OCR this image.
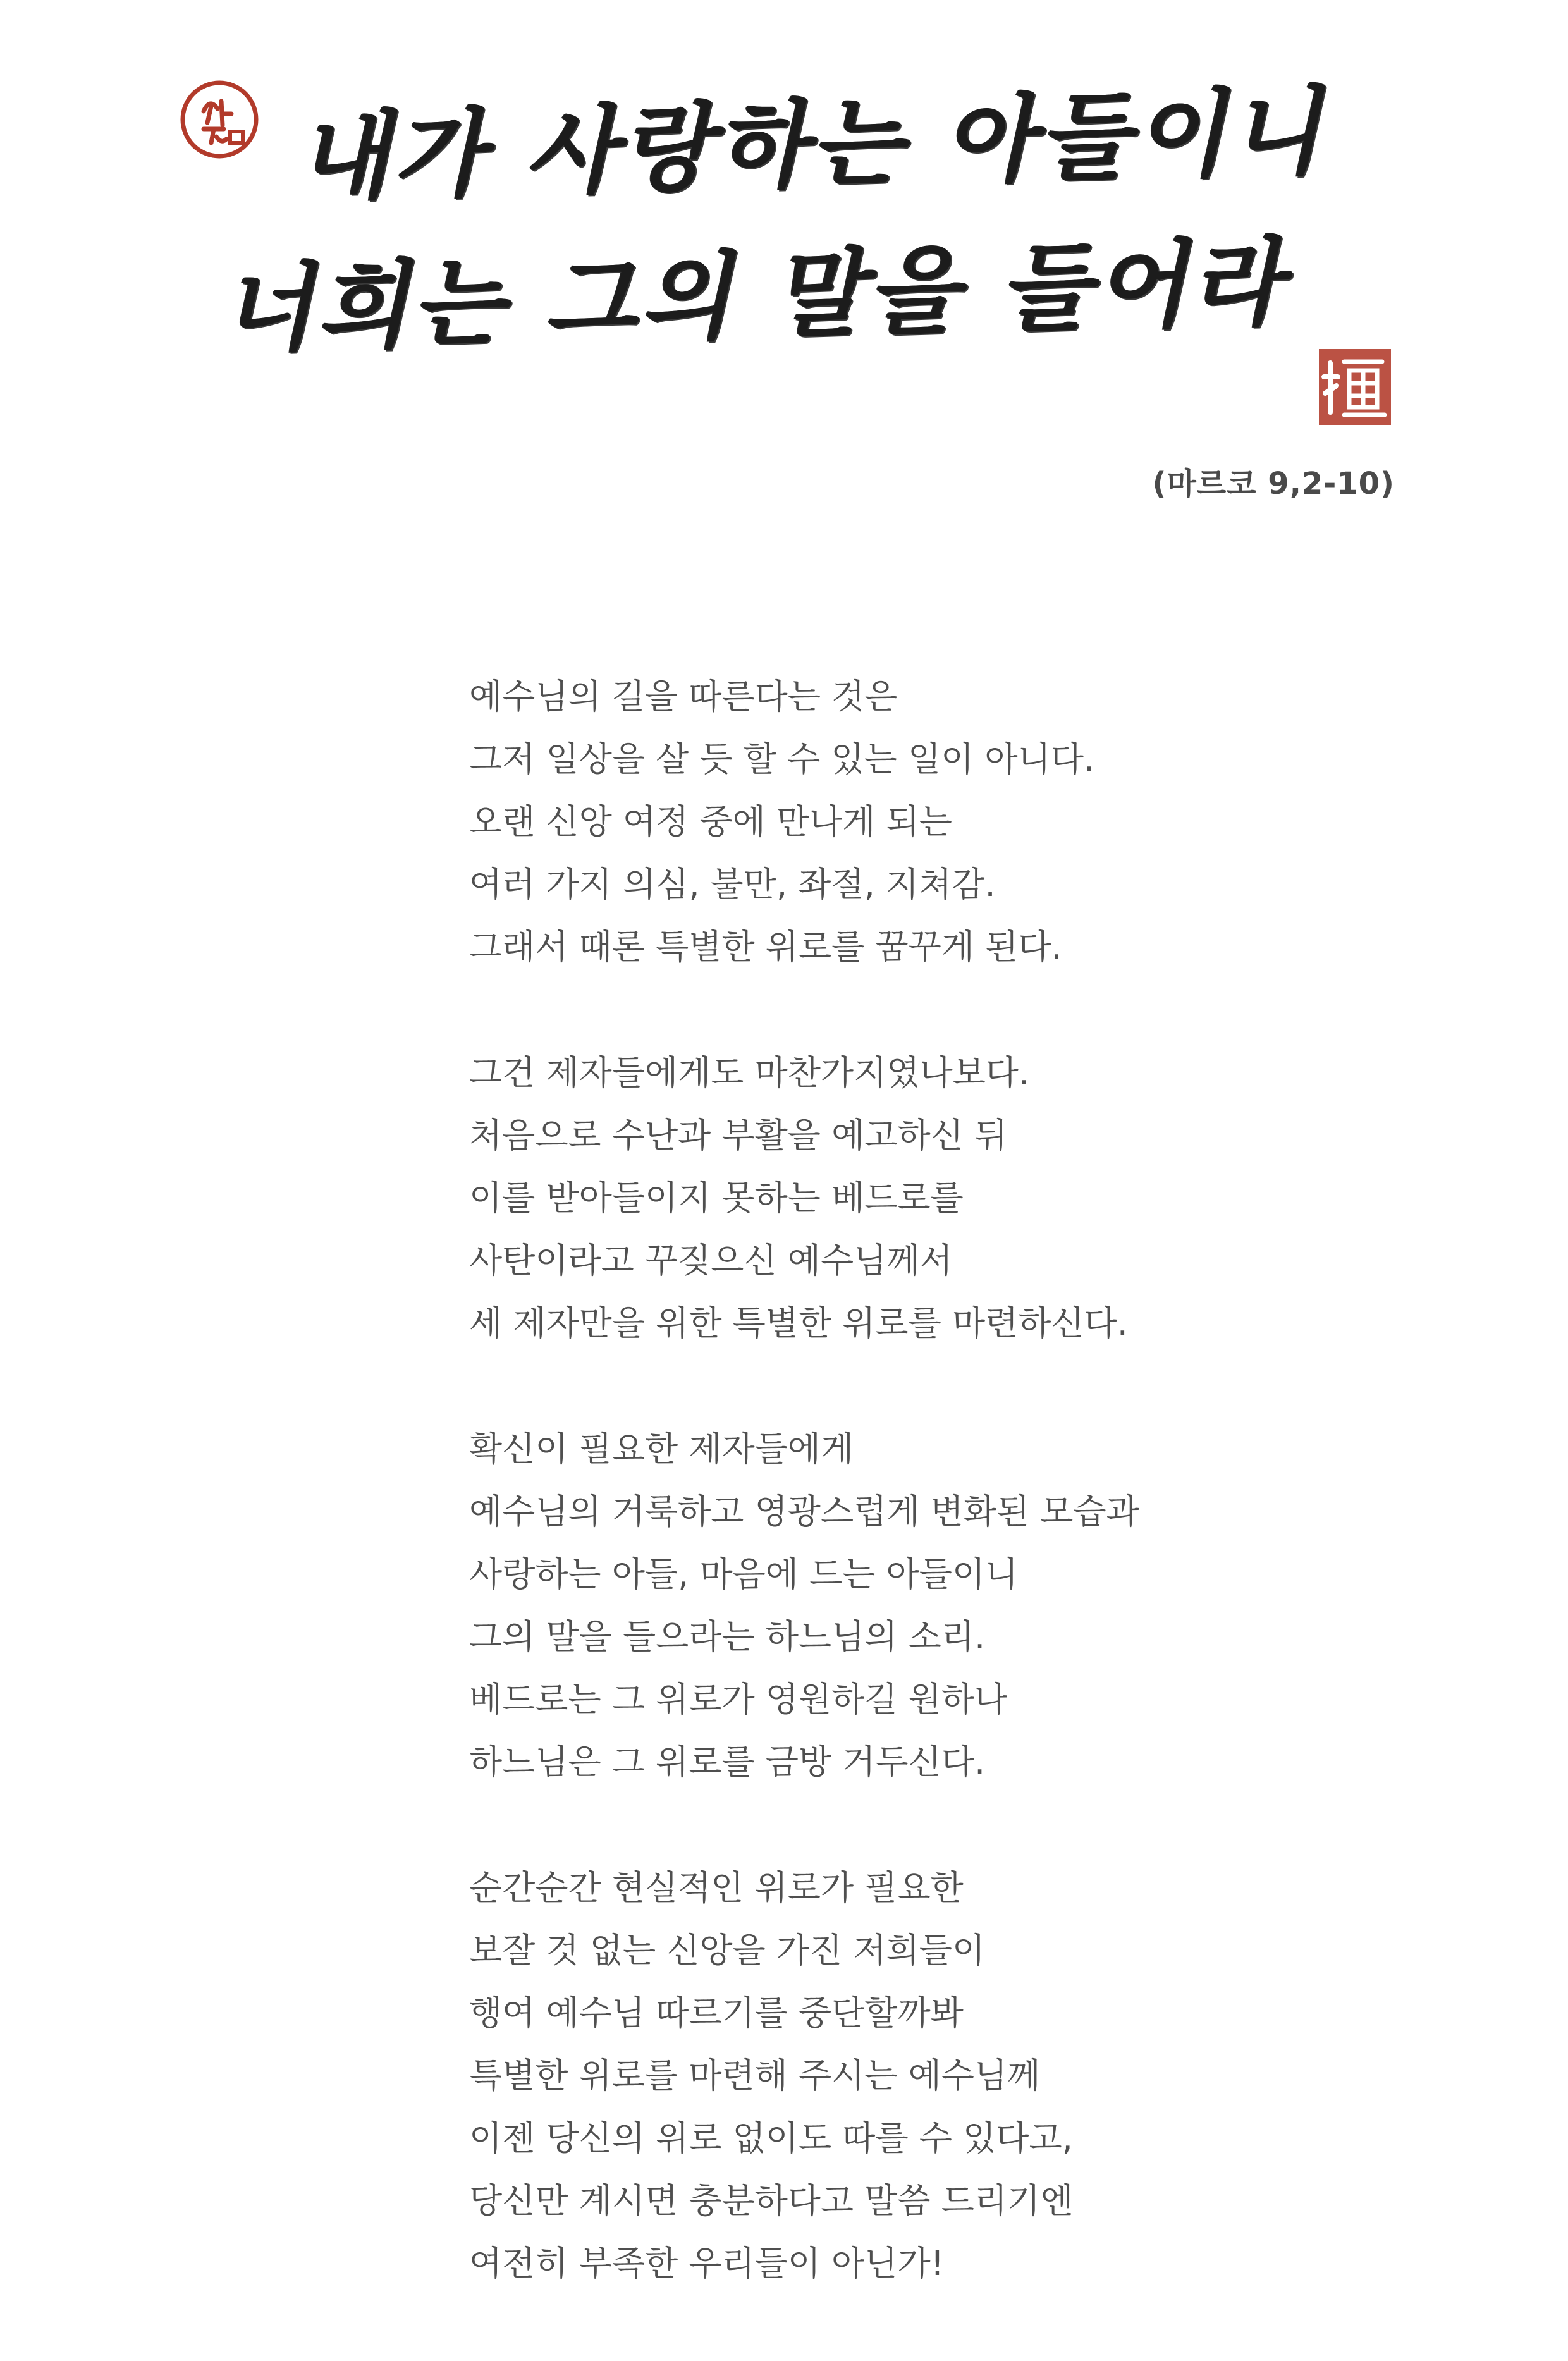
내가 사랑하는 아들이니
너희는 그의 말을 들어라

(마르코 9,2-10)

예수님의 길을 따른다는 것은
그저 일상을 살 듯 할 수 있는 일이 아니다.
오랜 신앙 여정 중에 만나게 되는
여러 가지 의심, 불만, 좌절, 지쳐감.
그래서 때론 특별한 위로를 꿈꾸게 된다.
그건 제자들에게도 마찬가지였나보다.
처음으로 수난과 부활을 예고하신 뒤
이를 받아들이지 못하는 베드로를
사탄이라고 꾸짖으신 예수님께서
세 제자만을 위한 특별한 위로를 마련하신다.
확신이 필요한 제자들에게
예수님의 거룩하고 영광스럽게 변화된 모습과
사랑하는 아들, 마음에 드는 아들이니
그의 말을 들으라는 하느님의 소리.
베드로는 그 위로가 영원하길 원하나
하느님은 그 위로를 금방 거두신다.
순간순간 현실적인 위로가 필요한
보잘 것 없는 신앙을 가진 저희들이
행여 예수님 따르기를 중단할까봐
특별한 위로를 마련해 주시는 예수님께
이젠 당신의 위로 없이도 따를 수 있다고,
당신만 계시면 충분하다고 말씀 드리기엔
여전히 부족한 우리들이 아닌가!
